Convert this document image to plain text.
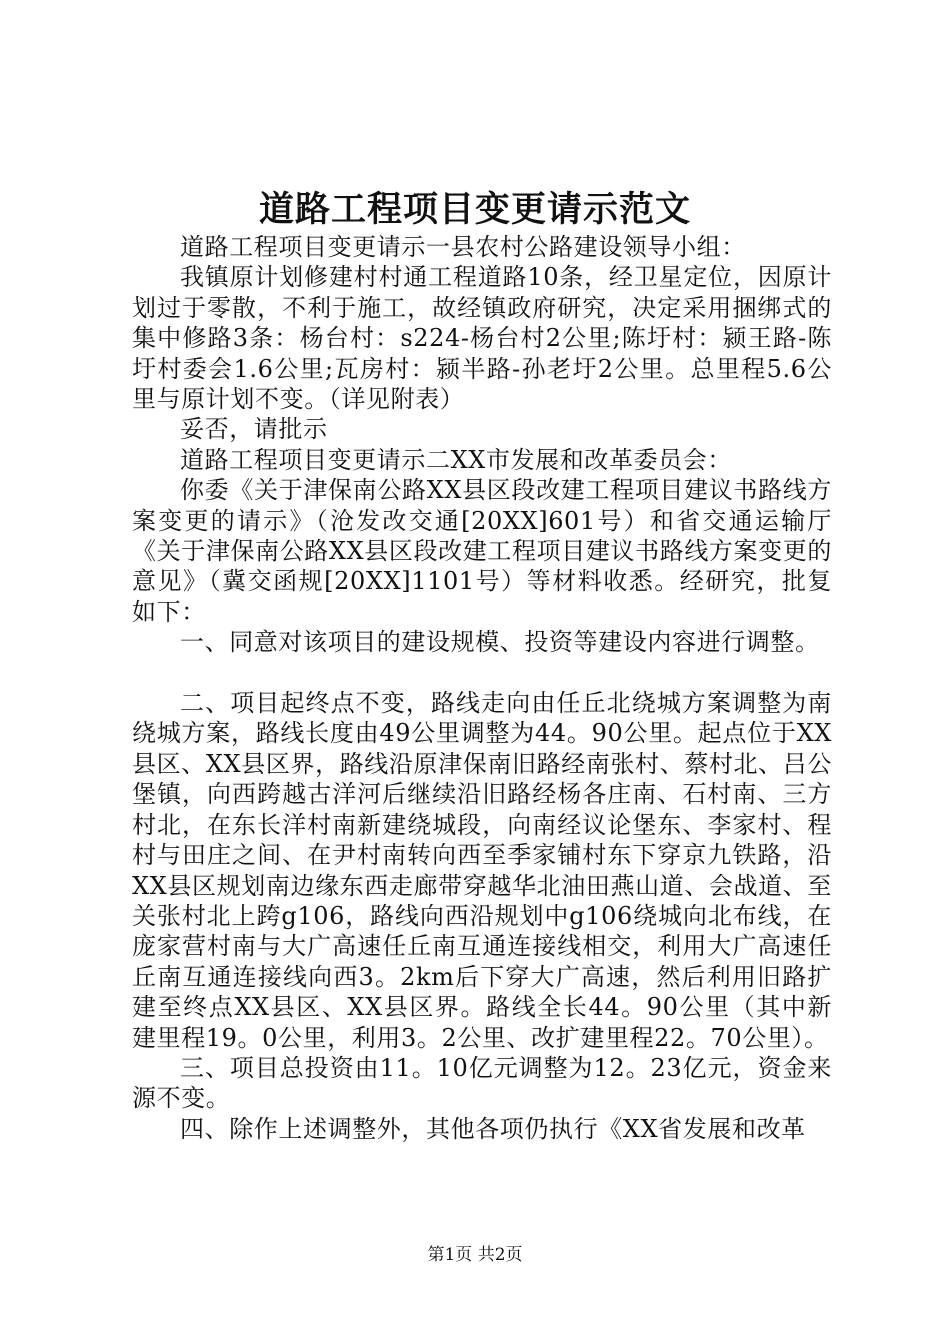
道路工程项目变更请示范文

道路工程项目变更请示一县农村公路建设领导小组：

我镇原计划修建村村通工程道路10条，经卫星定位，因原计划过于零散，不利于施工，故经镇政府研究，决定采用捆绑式的集中修路3条：杨台村：s224-杨台村2公里;陈圩村：颍王路-陈圩村委会1.6公里;瓦房村：颍半路-孙老圩2公里。总里程5.6公里与原计划不变。（详见附表）

妥否，请批示

道路工程项目变更请示二XX市发展和改革委员会：

你委《关于津保南公路XX县区段改建工程项目建议书路线方案变更的请示》（沧发改交通[20XX]601号）和省交通运输厅《关于津保南公路XX县区段改建工程项目建议书路线方案变更的意见》（冀交函规[20XX]1101号）等材料收悉。经研究，批复如下：

一、同意对该项目的建设规模、投资等建设内容进行调整。

二、项目起终点不变，路线走向由任丘北绕城方案调整为南绕城方案，路线长度由49公里调整为44。90公里。起点位于XX县区、XX县区界，路线沿原津保南旧路经南张村、蔡村北、吕公堡镇，向西跨越古洋河后继续沿旧路经杨各庄南、石村南、三方村北，在东长洋村南新建绕城段，向南经议论堡东、李家村、程村与田庄之间、在尹村南转向西至季家铺村东下穿京九铁路，沿XX县区规划南边缘东西走廊带穿越华北油田燕山道、会战道、至关张村北上跨g106，路线向西沿规划中g106绕城向北布线，在庞家营村南与大广高速任丘南互通连接线相交，利用大广高速任丘南互通连接线向西3。2km后下穿大广高速，然后利用旧路扩建至终点XX县区、XX县区界。路线全长44。90公里（其中新建里程19。0公里，利用3。2公里、改扩建里程22。70公里）。

三、项目总投资由11。10亿元调整为12。23亿元，资金来源不变。

四、除作上述调整外，其他各项仍执行《XX省发展和改革

第1页 共2页
